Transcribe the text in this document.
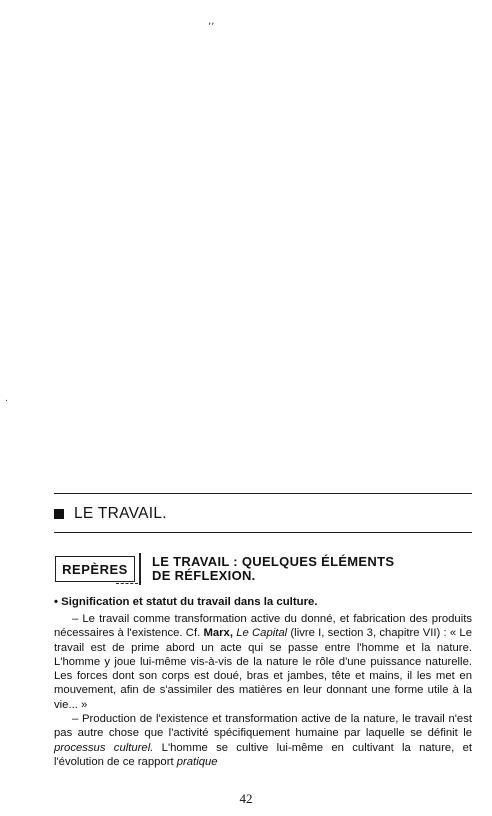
‚‚
.
LE TRAVAIL.
REPÈRES LE TRAVAIL : QUELQUES ÉLÉMENTS
DE RÉFLEXION.
• Signification et statut du travail dans la culture.

– Le travail comme transformation active du donné, et fabrication des produits nécessaires à l'existence. Cf. Marx, Le Capital (livre I, section 3, chapitre VII) : « Le travail est de prime abord un acte qui se passe entre l'homme et la nature. L'homme y joue lui-même vis-à-vis de la nature le rôle d'une puissance naturelle. Les forces dont son corps est doué, bras et jambes, tête et mains, il les met en mouvement, afin de s'assimiler des matières en leur donnant une forme utile à la vie... »

– Production de l'existence et transformation active de la nature, le travail n'est pas autre chose que l'activité spécifiquement humaine par laquelle se définit le processus culturel. L'homme se cultive lui-même en cultivant la nature, et l'évolution de ce rapport pratique

42
